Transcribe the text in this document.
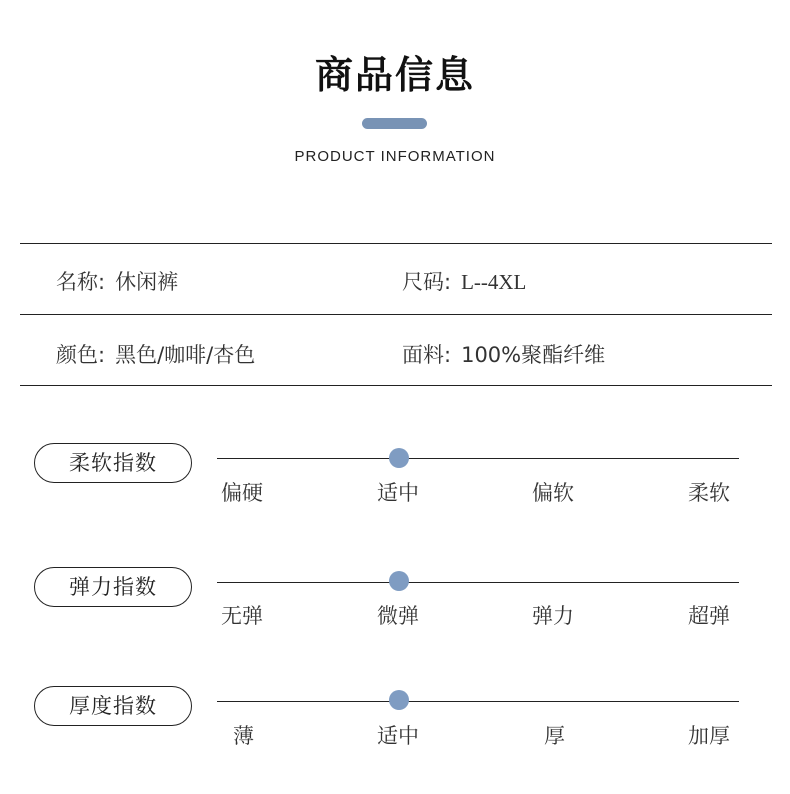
商品信息
PRODUCT INFORMATION
名称: 休闲裤	尺码: L--4XL
颜色: 黑色/咖啡/杏色	面料: 100%聚酯纤维
柔软指数
偏硬	适中	偏软	柔软
弹力指数
无弹	微弹	弹力	超弹
厚度指数
薄	适中	厚	加厚
